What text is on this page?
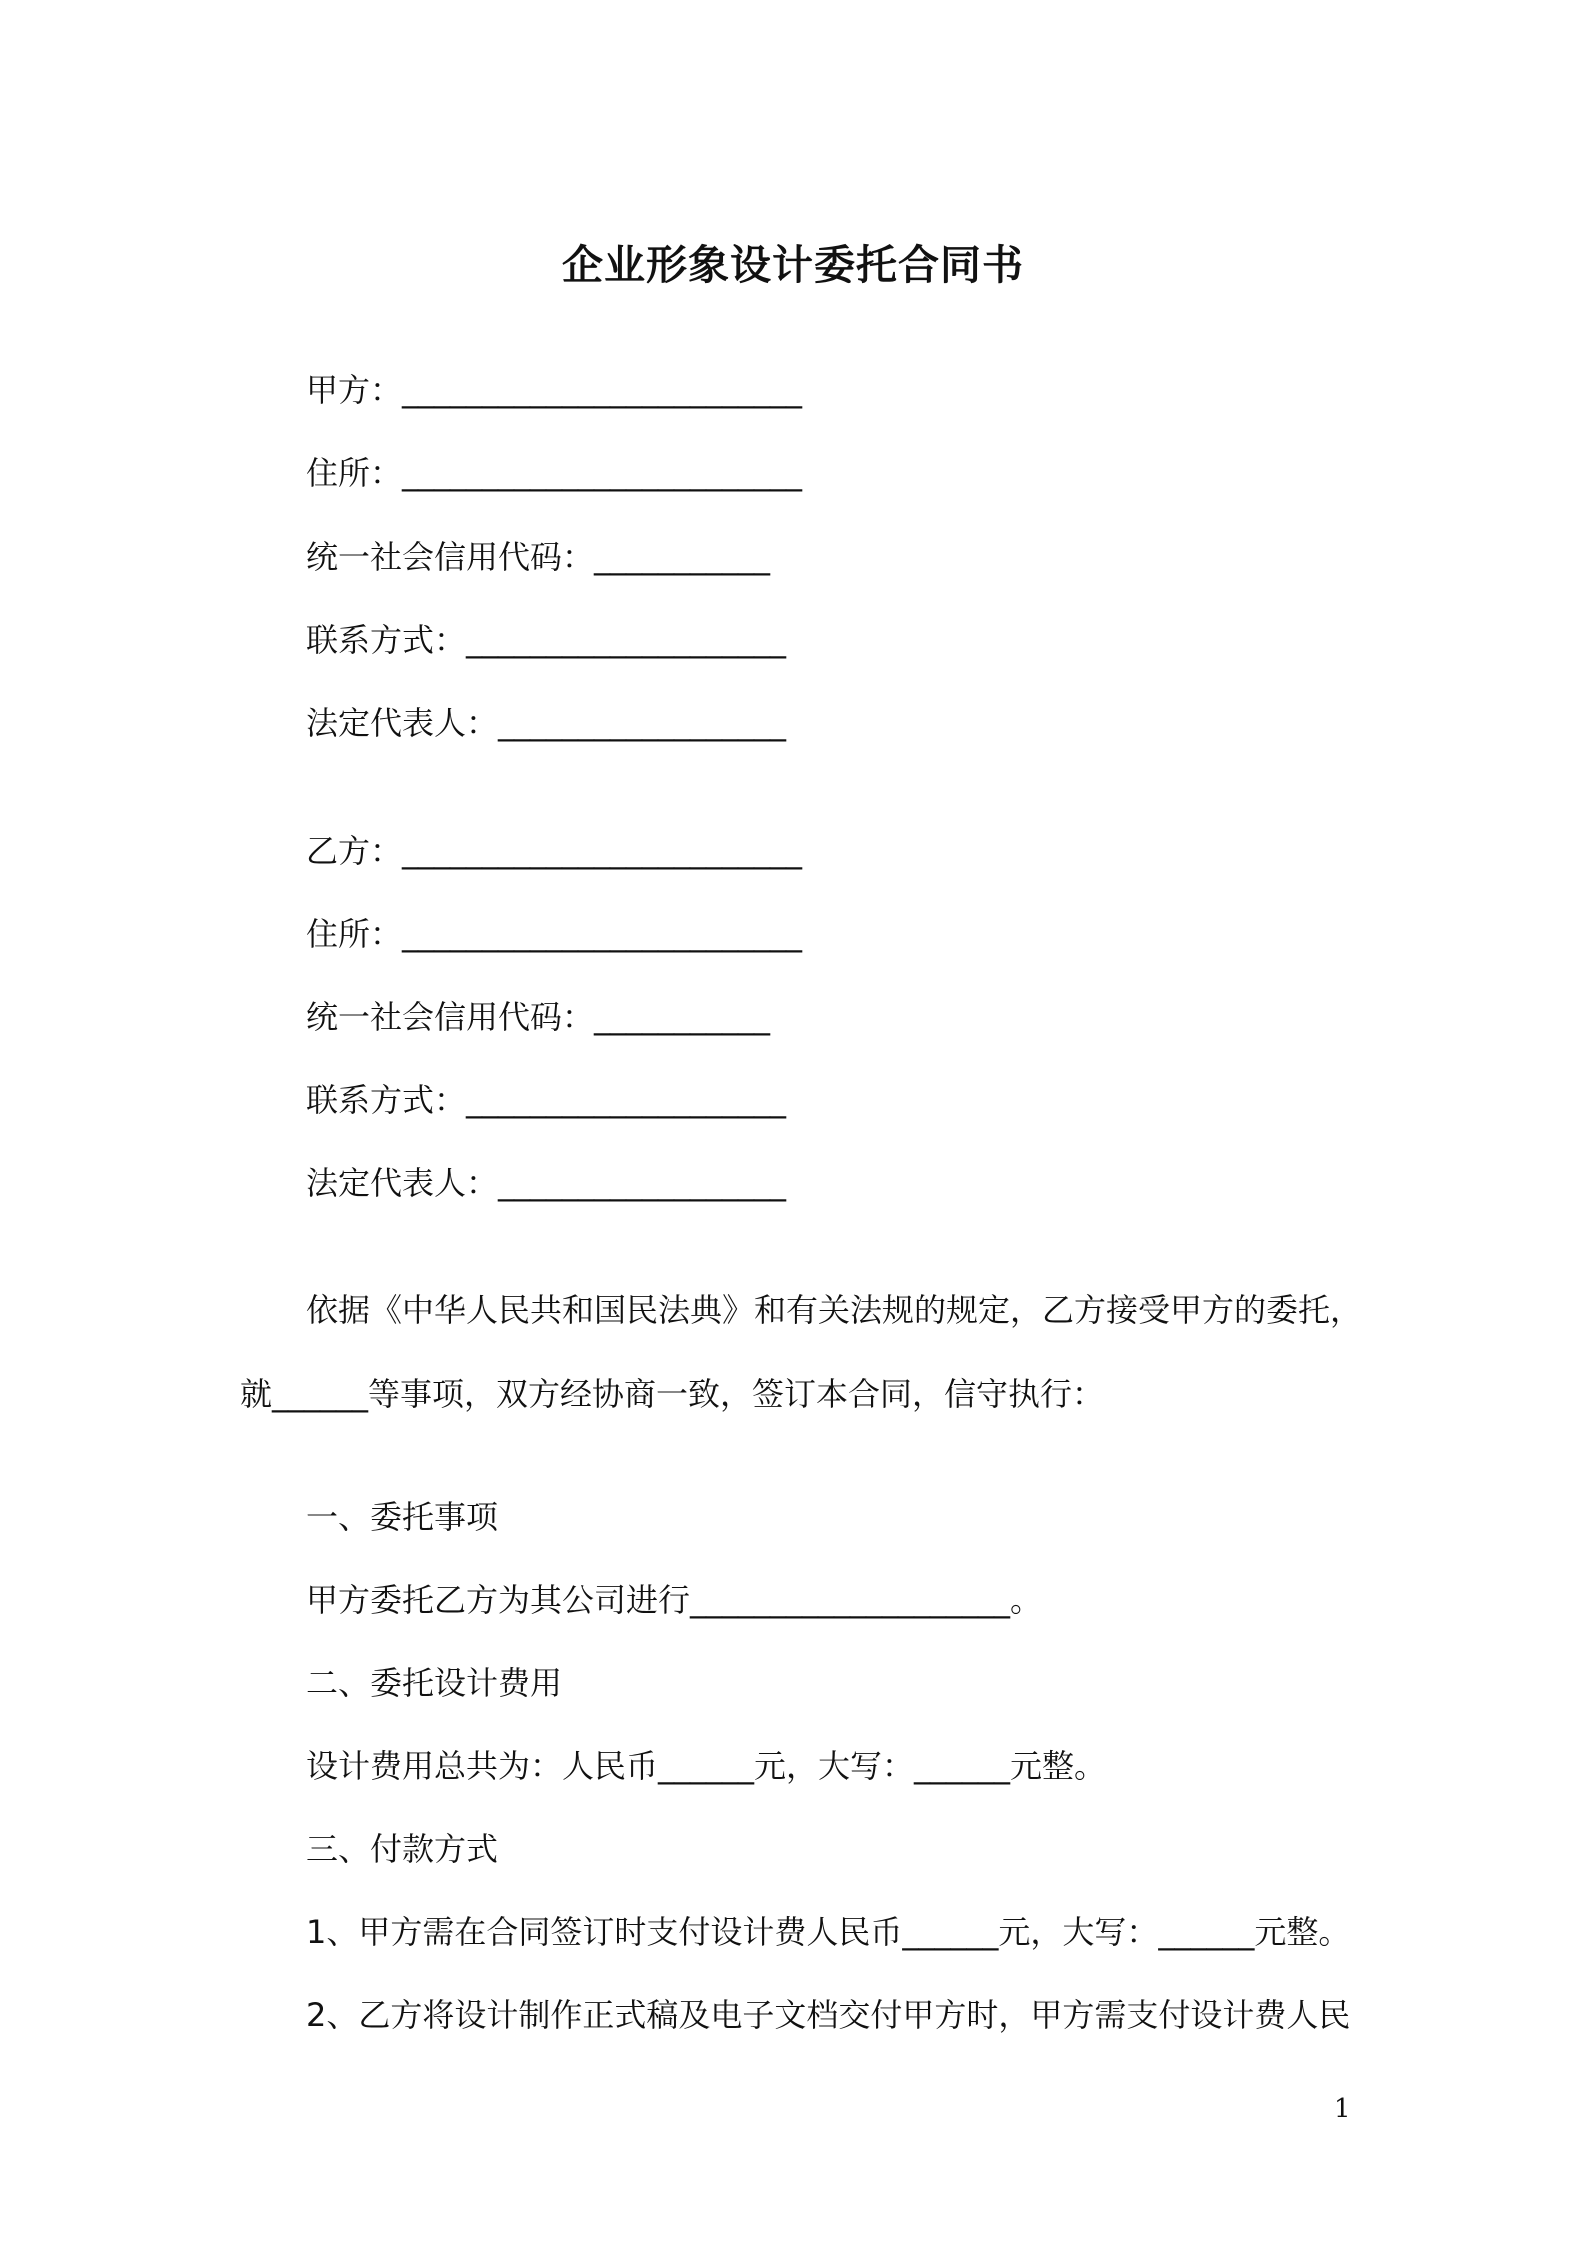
企业形象设计委托合同书
甲方：_________________________
住所：_________________________
统一社会信用代码：___________
联系方式：____________________
法定代表人：__________________
乙方：_________________________
住所：_________________________
统一社会信用代码：___________
联系方式：____________________
法定代表人：__________________
依据《中华人民共和国民法典》和有关法规的规定，乙方接受甲方的委托，
就______等事项，双方经协商一致，签订本合同，信守执行：
一、委托事项
甲方委托乙方为其公司进行____________________。
二、委托设计费用
设计费用总共为：人民币______元，大写：______元整。
三、付款方式
1、甲方需在合同签订时支付设计费人民币______元，大写：______元整。
2、乙方将设计制作正式稿及电子文档交付甲方时，甲方需支付设计费人民
1
